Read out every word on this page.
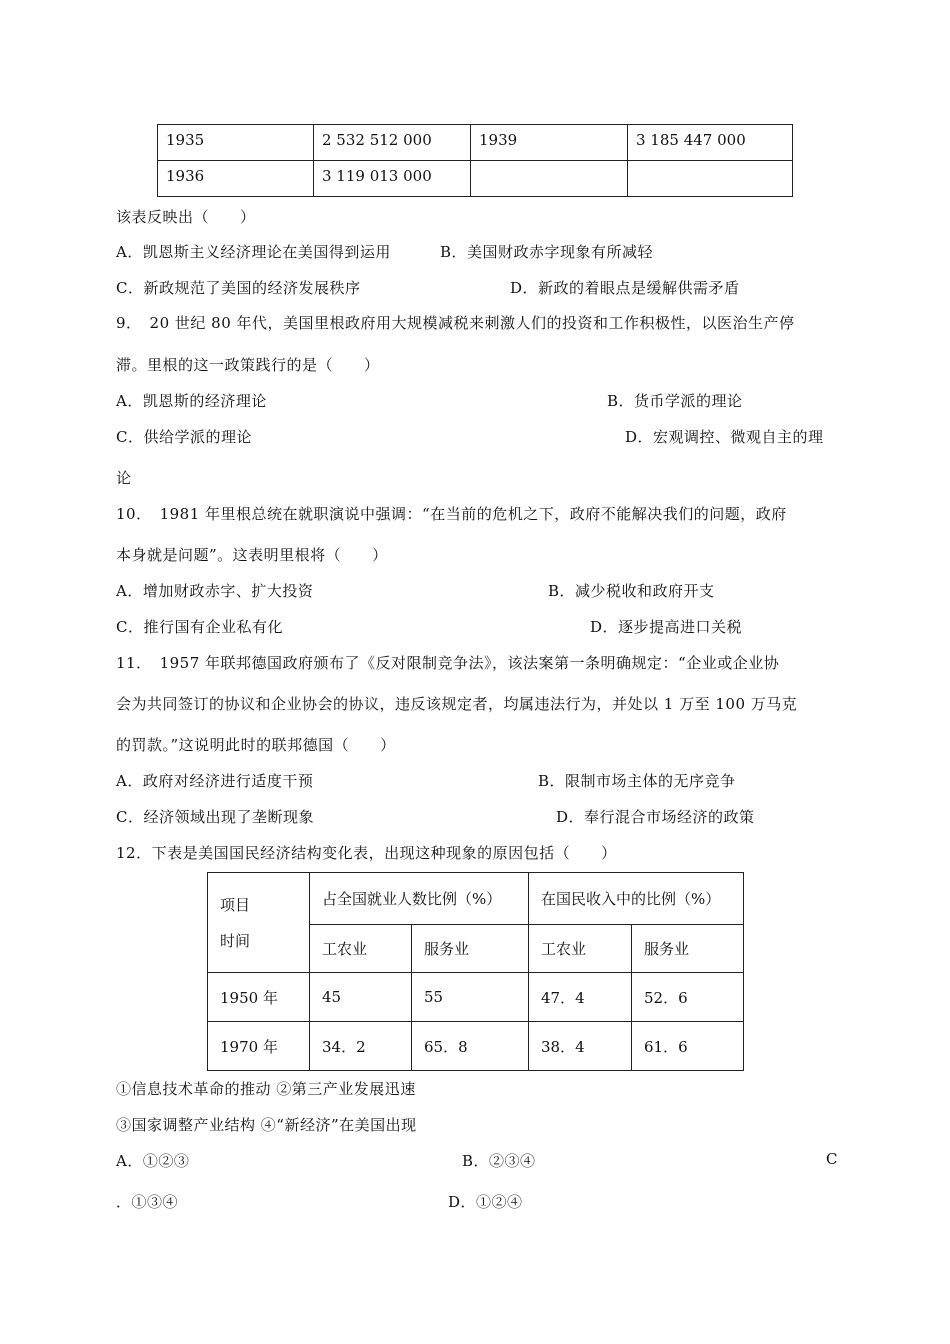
1935	2 532 512 000	1939	3 185 447 000
1936	3 119 013 000		
该表反映出（　　）
A．凯恩斯主义经济理论在美国得到运用	B．美国财政赤字现象有所减轻
C．新政规范了美国的经济发展秩序	D．新政的着眼点是缓解供需矛盾
9．　20 世纪 80 年代，美国里根政府用大规模减税来刺激人们的投资和工作积极性，以医治生产停
滞。里根的这一政策践行的是（　　）
A．凯恩斯的经济理论	B．货币学派的理论
C．供给学派的理论	D．宏观调控、微观自主的理
论
10．　1981 年里根总统在就职演说中强调：“在当前的危机之下，政府不能解决我们的问题，政府
本身就是问题”。这表明里根将（　　）
A．增加财政赤字、扩大投资	B．减少税收和政府开支
C．推行国有企业私有化	D．逐步提高进口关税
11．　1957 年联邦德国政府颁布了《反对限制竞争法》，该法案第一条明确规定：“企业或企业协
会为共同签订的协议和企业协会的协议，违反该规定者，均属违法行为，并处以 1 万至 100 万马克
的罚款。”这说明此时的联邦德国（　　）
A．政府对经济进行适度干预	B．限制市场主体的无序竞争
C．经济领域出现了垄断现象	D．奉行混合市场经济的政策
12．下表是美国国民经济结构变化表，出现这种现象的原因包括（　　）
项目
时间	占全国就业人数比例（%）		在国民收入中的比例（%）	
	工农业	服务业	工农业	服务业
1950 年	45	55	47．4	52．6
1970 年	34．2	65．8	38．4	61．6
①信息技术革命的推动 ②第三产业发展迅速
③国家调整产业结构 ④“新经济”在美国出现
A．①②③	B．②③④	C
．①③④	D．①②④
